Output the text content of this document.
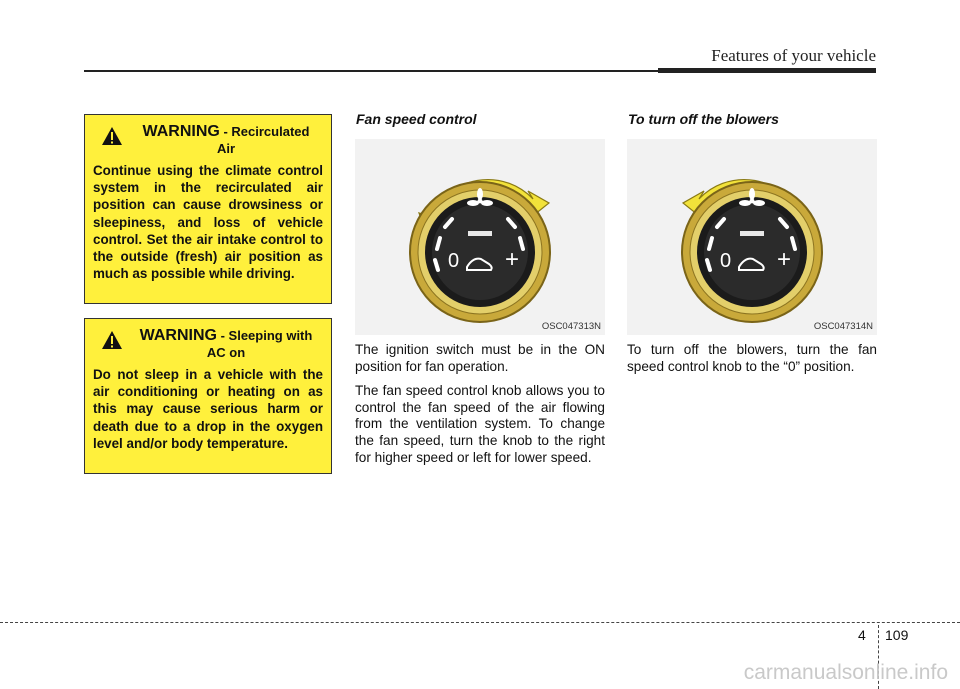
Features of your vehicle
WARNING - Recirculated
Air
Continue using the climate control system in the recirculated air position can cause drowsiness or sleepiness, and loss of vehicle control. Set the air intake control to the outside (fresh) air position as much as possible while driving.
WARNING - Sleeping with
AC on
Do not sleep in a vehicle with the air conditioning or heating on as this may cause serious harm or death due to a drop in the oxygen level and/or body temperature.
Fan speed control
0 +
OSC047313N

The ignition switch must be in the ON position for fan operation.

The fan speed control knob allows you to control the fan speed of the air flowing from the ventilation system. To change the fan speed, turn the knob to the right for higher speed or left for lower speed.

To turn off the blowers
0 +
OSC047314N

To turn off the blowers, turn the fan speed control knob to the “0” position.

4 109
carmanualsonline.info
